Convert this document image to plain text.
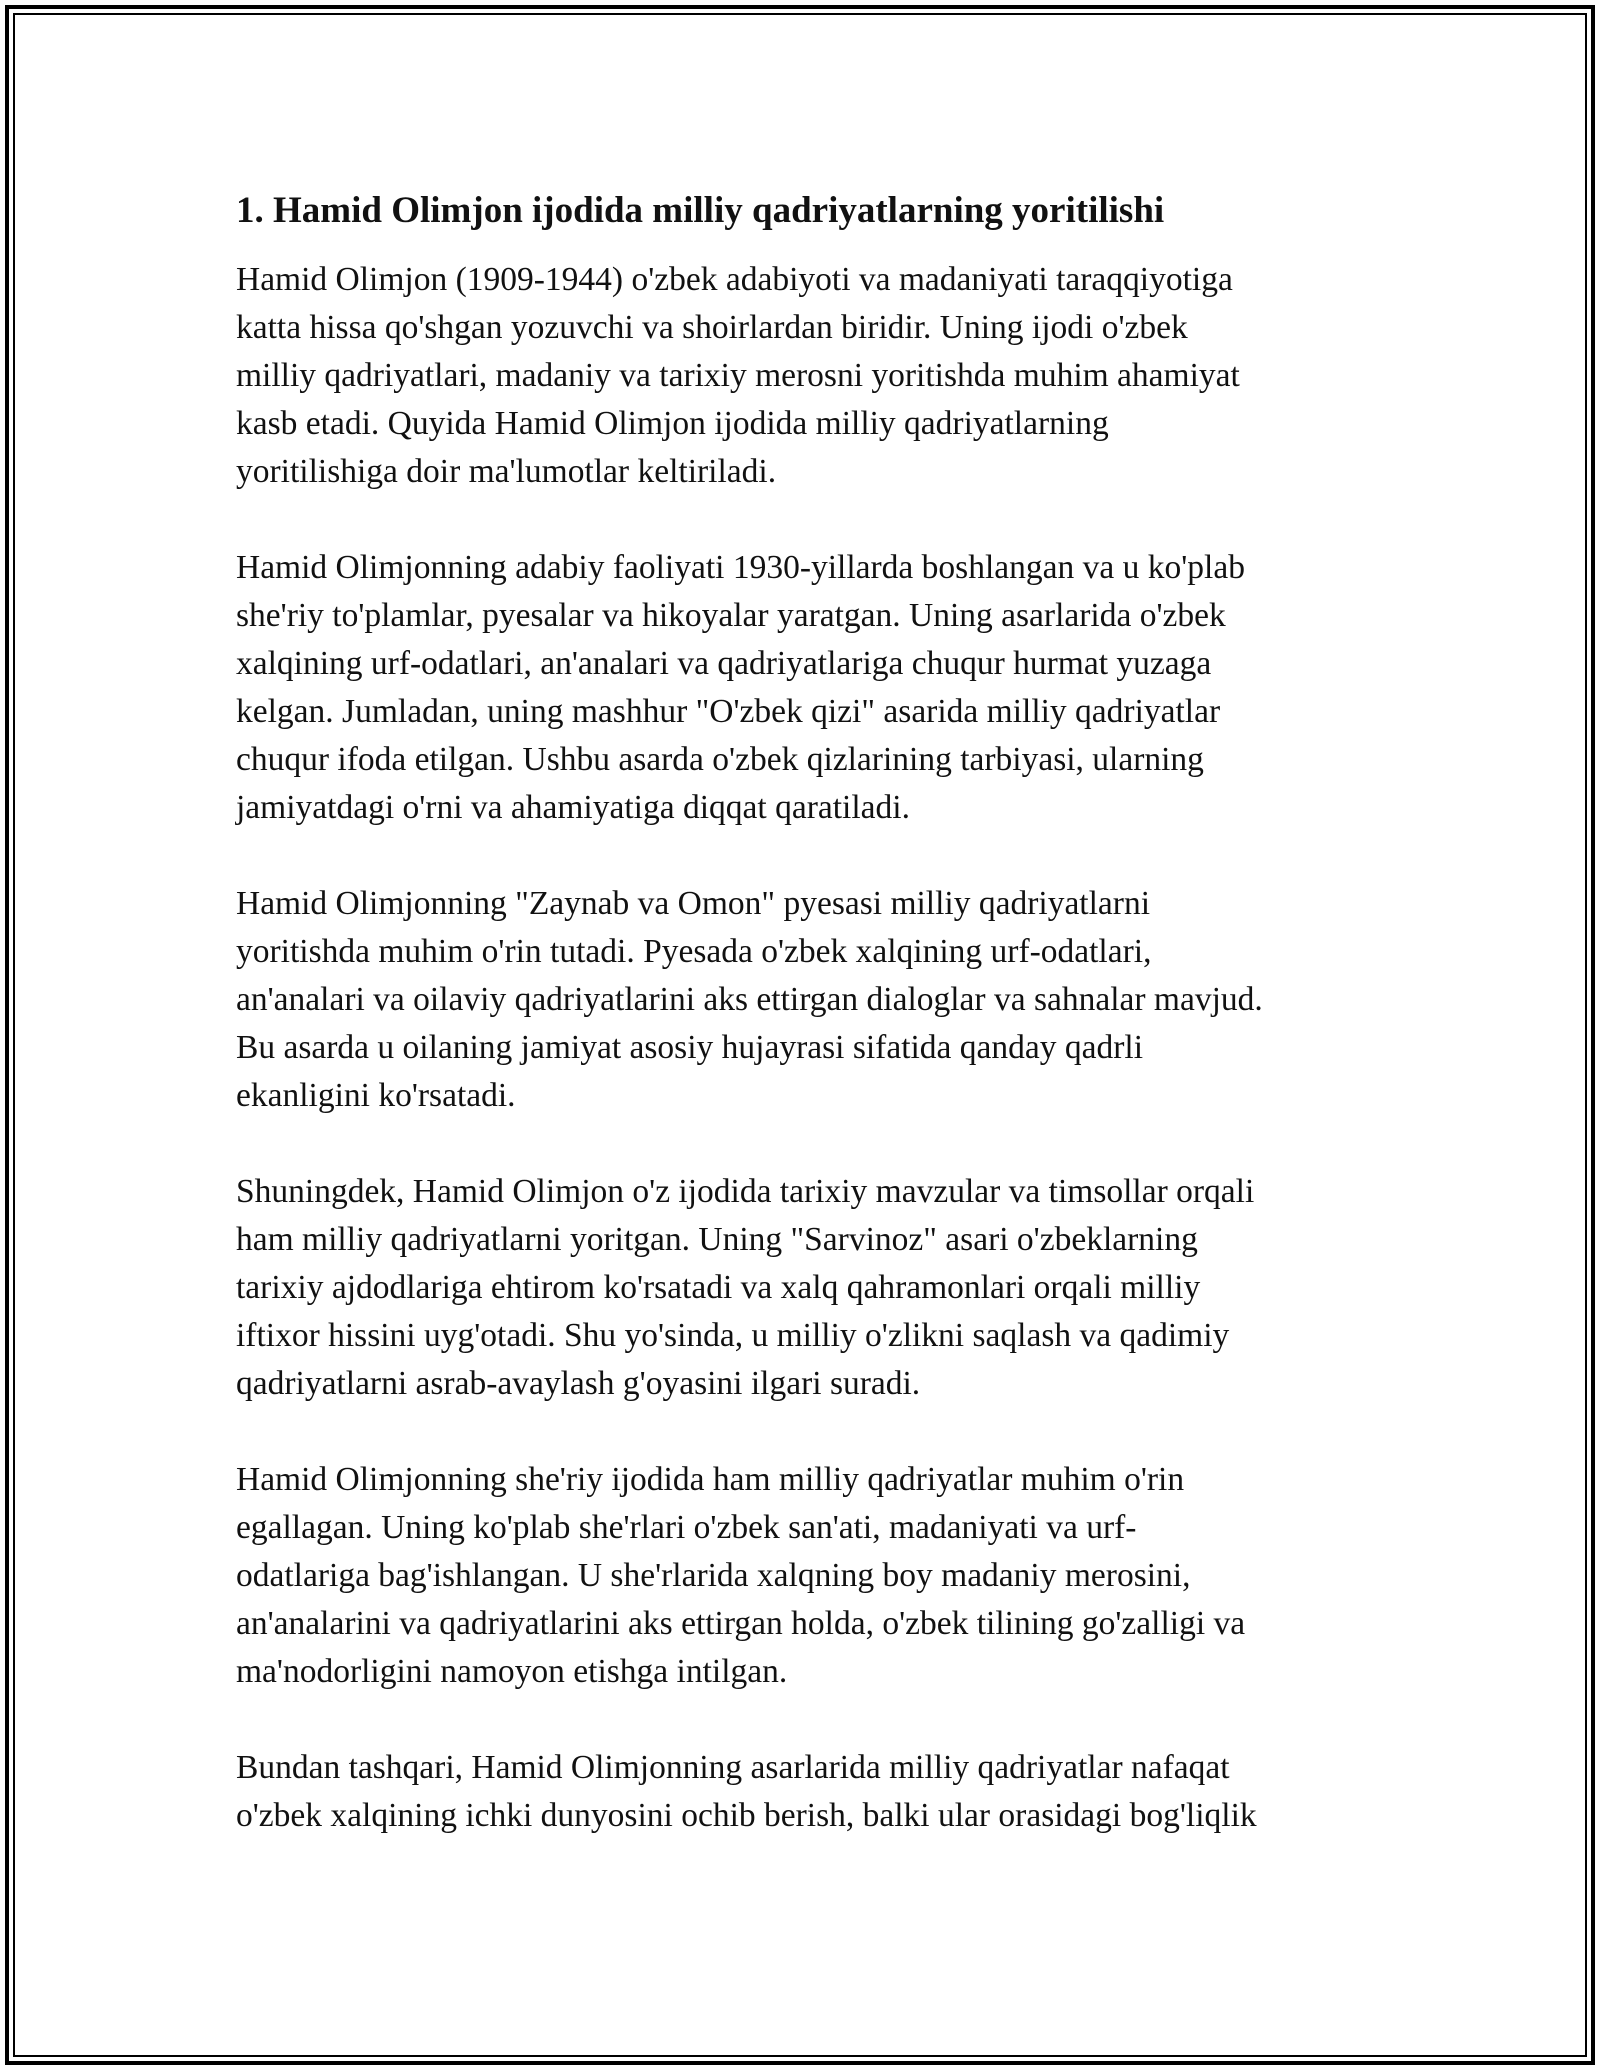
1. Hamid Olimjon ijodida milliy qadriyatlarning yoritilishi

Hamid Olimjon (1909-1944) o'zbek adabiyoti va madaniyati taraqqiyotiga
katta hissa qo'shgan yozuvchi va shoirlardan biridir. Uning ijodi o'zbek
milliy qadriyatlari, madaniy va tarixiy merosni yoritishda muhim ahamiyat
kasb etadi. Quyida Hamid Olimjon ijodida milliy qadriyatlarning
yoritilishiga doir ma'lumotlar keltiriladi.

Hamid Olimjonning adabiy faoliyati 1930-yillarda boshlangan va u ko'plab
she'riy to'plamlar, pyesalar va hikoyalar yaratgan. Uning asarlarida o'zbek
xalqining urf-odatlari, an'analari va qadriyatlariga chuqur hurmat yuzaga
kelgan. Jumladan, uning mashhur "O'zbek qizi" asarida milliy qadriyatlar
chuqur ifoda etilgan. Ushbu asarda o'zbek qizlarining tarbiyasi, ularning
jamiyatdagi o'rni va ahamiyatiga diqqat qaratiladi.

Hamid Olimjonning "Zaynab va Omon" pyesasi milliy qadriyatlarni
yoritishda muhim o'rin tutadi. Pyesada o'zbek xalqining urf-odatlari,
an'analari va oilaviy qadriyatlarini aks ettirgan dialoglar va sahnalar mavjud.
Bu asarda u oilaning jamiyat asosiy hujayrasi sifatida qanday qadrli
ekanligini ko'rsatadi.

Shuningdek, Hamid Olimjon o'z ijodida tarixiy mavzular va timsollar orqali
ham milliy qadriyatlarni yoritgan. Uning "Sarvinoz" asari o'zbeklarning
tarixiy ajdodlariga ehtirom ko'rsatadi va xalq qahramonlari orqali milliy
iftixor hissini uyg'otadi. Shu yo'sinda, u milliy o'zlikni saqlash va qadimiy
qadriyatlarni asrab-avaylash g'oyasini ilgari suradi.

Hamid Olimjonning she'riy ijodida ham milliy qadriyatlar muhim o'rin
egallagan. Uning ko'plab she'rlari o'zbek san'ati, madaniyati va urf-
odatlariga bag'ishlangan. U she'rlarida xalqning boy madaniy merosini,
an'analarini va qadriyatlarini aks ettirgan holda, o'zbek tilining go'zalligi va
ma'nodorligini namoyon etishga intilgan.

Bundan tashqari, Hamid Olimjonning asarlarida milliy qadriyatlar nafaqat
o'zbek xalqining ichki dunyosini ochib berish, balki ular orasidagi bog'liqlik
